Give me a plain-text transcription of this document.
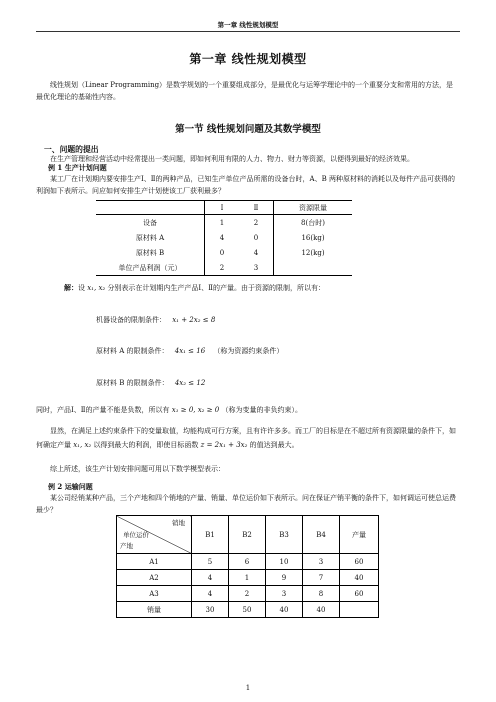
第一章 线性规划模型
第一章 线性规划模型
线性规划（Linear Programming）是数学规划的一个重要组成部分，是最优化与运筹学理论中的一个重要分支和常用的方法，是最优化理论的基础性内容。
第一节 线性规划问题及其数学模型
一、问题的提出
在生产管理和经营活动中经常提出一类问题，即如何利用有限的人力、物力、财力等资源，以便得到最好的经济效果。
例 1 生产计划问题
某工厂在计划期内要安排生产Ⅰ、Ⅱ的两种产品，已知生产单位产品所需的设备台时，A、B 两种原材料的消耗以及每件产品可获得的利润如下表所示。问应如何安排生产计划使该工厂获利最多？
	Ⅰ	Ⅱ	资源限量
设备	1	2	8(台时)
原材料 A	4	0	16(kg)
原材料 B	0	4	12(kg)
单位产品利润（元）	2	3	
解：设 x₁, x₂ 分别表示在计划期内生产产品Ⅰ、Ⅱ的产量。由于资源的限制，所以有：
机器设备的限制条件： x₁ + 2x₂ ≤ 8
原材料 A 的限制条件： 4x₁ ≤ 16 （称为资源约束条件）
原材料 B 的限制条件： 4x₂ ≤ 12
同时，产品Ⅰ、Ⅱ的产量不能是负数，所以有 x₁ ≥ 0, x₂ ≥ 0 （称为变量的非负约束）。
显然，在满足上述约束条件下的变量取值，均能构成可行方案，且有许许多多。而工厂的目标是在不超过所有资源限量的条件下，如何确定产量 x₁, x₂ 以得到最大的利润，即使目标函数 z = 2x₁ + 3x₂ 的值达到最大。
综上所述，该生产计划安排问题可用以下数学模型表示：
例 2 运输问题
某公司经销某种产品，三个产地和四个销地的产量、销量、单位运价如下表所示。问在保证产销平衡的条件下，如何调运可使总运费最少？
销地
单位运价
产地	B1	B2	B3	B4	产量
A1	5	6	10	3	60
A2	4	1	9	7	40
A3	4	2	3	8	60
销量	30	50	40	40	
1
